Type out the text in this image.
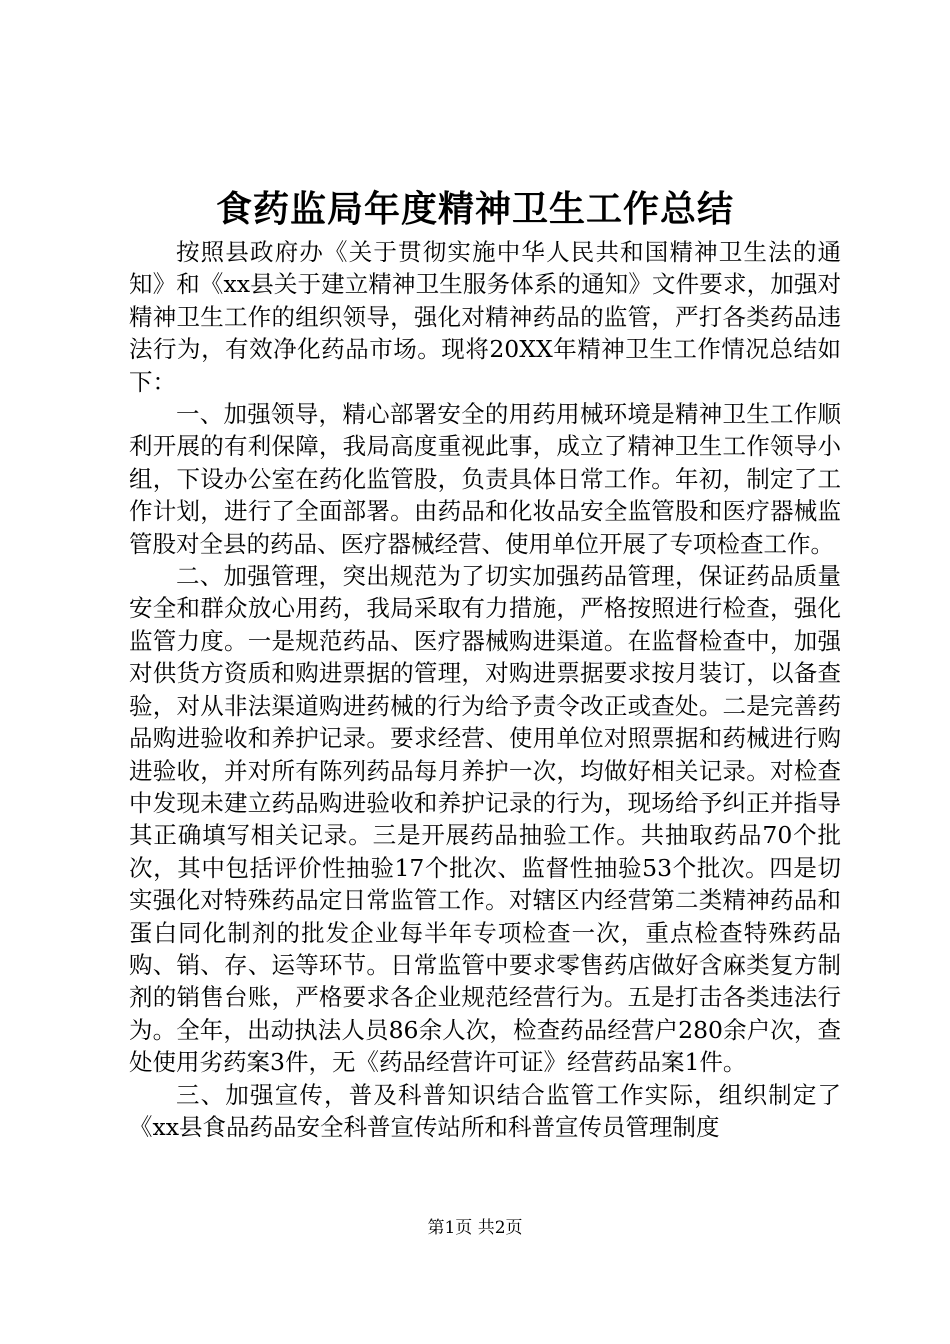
食药监局年度精神卫生工作总结

按照县政府办《关于贯彻实施中华人民共和国精神卫生法的通知》和《xx县关于建立精神卫生服务体系的通知》文件要求，加强对精神卫生工作的组织领导，强化对精神药品的监管，严打各类药品违法行为，有效净化药品市场。现将20XX年精神卫生工作情况总结如下：

一、加强领导，精心部署安全的用药用械环境是精神卫生工作顺利开展的有利保障，我局高度重视此事，成立了精神卫生工作领导小组，下设办公室在药化监管股，负责具体日常工作。年初，制定了工作计划，进行了全面部署。由药品和化妆品安全监管股和医疗器械监管股对全县的药品、医疗器械经营、使用单位开展了专项检查工作。

二、加强管理，突出规范为了切实加强药品管理，保证药品质量安全和群众放心用药，我局采取有力措施，严格按照进行检查，强化监管力度。一是规范药品、医疗器械购进渠道。在监督检查中，加强对供货方资质和购进票据的管理，对购进票据要求按月装订，以备查验，对从非法渠道购进药械的行为给予责令改正或查处。二是完善药品购进验收和养护记录。要求经营、使用单位对照票据和药械进行购进验收，并对所有陈列药品每月养护一次，均做好相关记录。对检查中发现未建立药品购进验收和养护记录的行为，现场给予纠正并指导其正确填写相关记录。三是开展药品抽验工作。共抽取药品70个批次，其中包括评价性抽验17个批次、监督性抽验53个批次。四是切实强化对特殊药品定日常监管工作。对辖区内经营第二类精神药品和蛋白同化制剂的批发企业每半年专项检查一次，重点检查特殊药品购、销、存、运等环节。日常监管中要求零售药店做好含麻类复方制剂的销售台账，严格要求各企业规范经营行为。五是打击各类违法行为。全年，出动执法人员86余人次，检查药品经营户280余户次，查处使用劣药案3件，无《药品经营许可证》经营药品案1件。

三、加强宣传，普及科普知识结合监管工作实际，组织制定了《xx县食品药品安全科普宣传站所和科普宣传员管理制度

第1页 共2页
